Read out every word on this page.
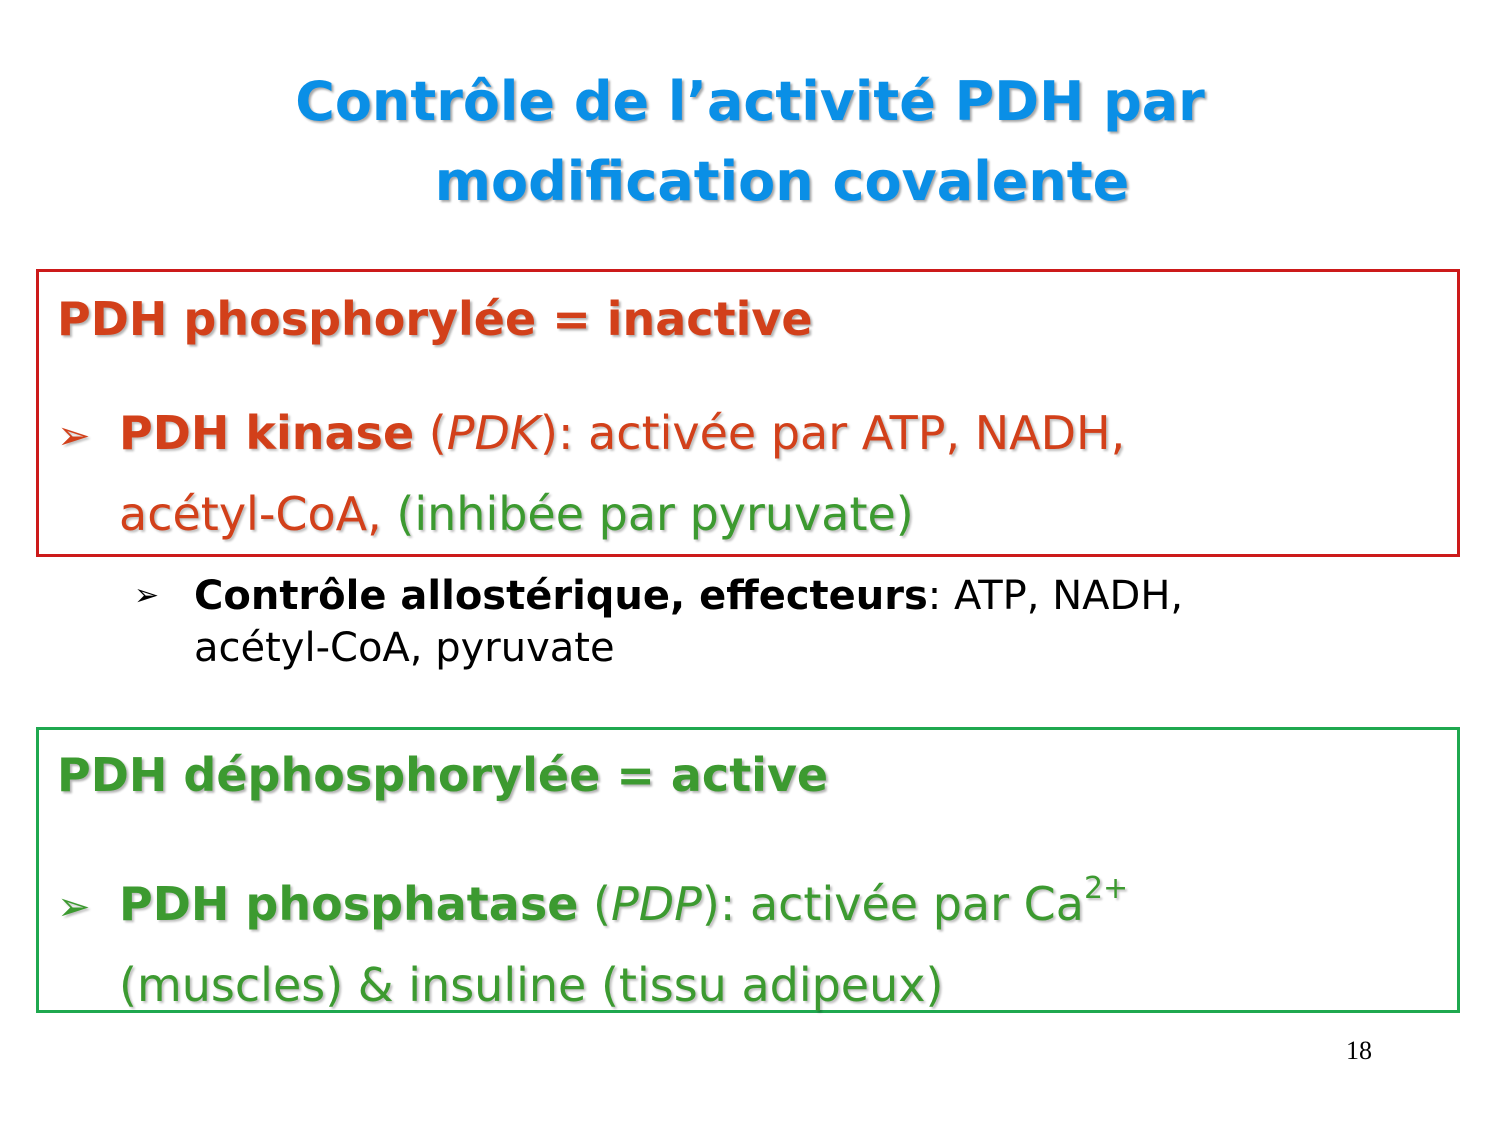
Contrôle de l’activité PDH par
modification covalente
PDH phosphorylée = inactive
➢ PDH kinase (PDK): activée par ATP, NADH,
acétyl-CoA, (inhibée par pyruvate)
➢ Contrôle allostérique, effecteurs: ATP, NADH,
acétyl-CoA, pyruvate
PDH déphosphorylée = active
➢ PDH phosphatase (PDP): activée par $Ca^{2+}$
(muscles) & insuline (tissu adipeux)
18
